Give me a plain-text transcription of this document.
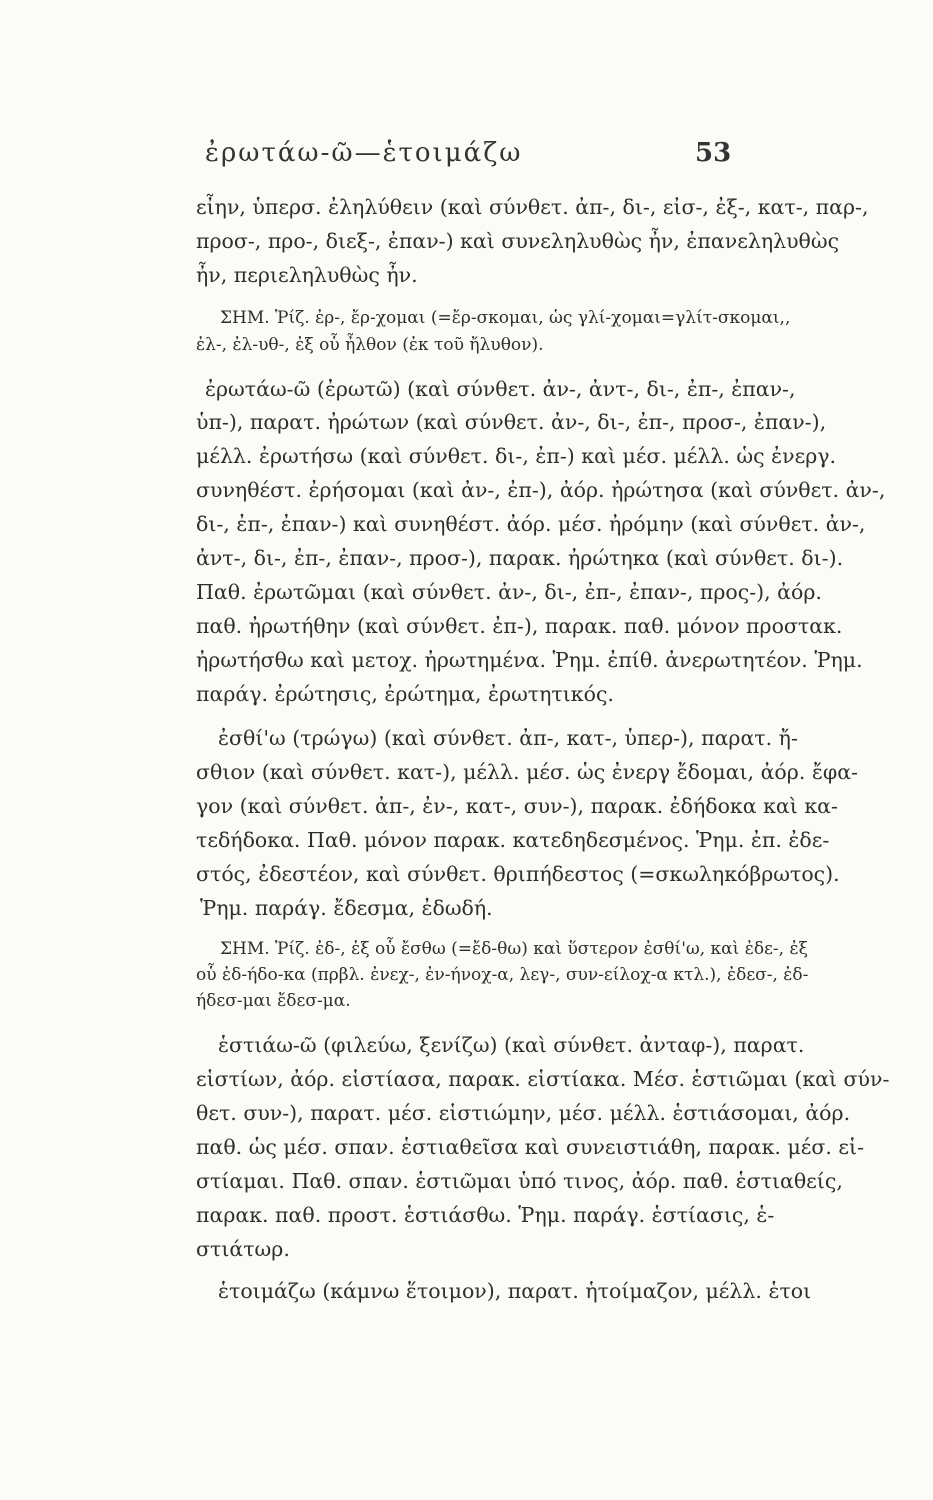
ἐρωτάω-ῶ—ἑτοιμάζω	53
εἶην, ὑπερσ. ἐληλύθειν (καὶ σύνθετ. ἀπ-, δι-, εἰσ-, ἐξ-, κατ-, παρ-,
προσ-, προ-, διεξ-, ἐπαν-) καὶ συνεληλυθὼς ἦν, ἐπανεληλυθὼς
ἦν, περιεληλυθὼς ἦν.
ΣΗΜ. Ῥίζ. ἐρ-, ἔρ-χομαι (=ἔρ-σκομαι, ὡς γλί-χομαι=γλίτ-σκομαι,,
ἐλ-, ἐλ-υθ-, ἐξ οὗ ἦλθον (ἐκ τοῦ ἤλυθον).
ἐρωτάω-ῶ (ἐρωτῶ) (καὶ σύνθετ. ἀν-, ἀντ-, δι-, ἐπ-, ἐπαν-,
ὑπ-), παρατ. ἠρώτων (καὶ σύνθετ. ἀν-, δι-, ἐπ-, προσ-, ἐπαν-),
μέλλ. ἐρωτήσω (καὶ σύνθετ. δι-, ἐπ-) καὶ μέσ. μέλλ. ὡς ἐνεργ.
συνηθέστ. ἐρήσομαι (καὶ ἀν-, ἐπ-), ἀόρ. ἠρώτησα (καὶ σύνθετ. ἀν-,
δι-, ἐπ-, ἐπαν-) καὶ συνηθέστ. ἀόρ. μέσ. ἠρόμην (καὶ σύνθετ. ἀν-,
ἀντ-, δι-, ἐπ-, ἐπαν-, προσ-), παρακ. ἠρώτηκα (καὶ σύνθετ. δι-).
Παθ. ἐρωτῶμαι (καὶ σύνθετ. ἀν-, δι-, ἐπ-, ἐπαν-, προς-), ἀόρ.
παθ. ἠρωτήθην (καὶ σύνθετ. ἐπ-), παρακ. παθ. μόνον προστακ.
ἠρωτήσθω καὶ μετοχ. ἠρωτημένα. Ῥημ. ἐπίθ. ἀνερωτητέον. Ῥημ.
παράγ. ἐρώτησις, ἐρώτημα, ἐρωτητικός.
ἐσθί'ω (τρώγω) (καὶ σύνθετ. ἀπ-, κατ-, ὑπερ-), παρατ. ἤ-
σθιον (καὶ σύνθετ. κατ-), μέλλ. μέσ. ὡς ἐνεργ ἔδομαι, ἀόρ. ἔφα-
γον (καὶ σύνθετ. ἀπ-, ἐν-, κατ-, συν-), παρακ. ἐδήδοκα καὶ κα-
τεδήδοκα. Παθ. μόνον παρακ. κατεδηδεσμένος. Ῥημ. ἐπ. ἐδε-
στός, ἐδεστέον, καὶ σύνθετ. θριπήδεστος (=σκωληκόβρωτος).
Ῥημ. παράγ. ἔδεσμα, ἐδωδή.
ΣΗΜ. Ῥίζ. ἐδ-, ἐξ οὗ ἔσθω (=ἔδ-θω) καὶ ὕστερον ἐσθί'ω, καὶ ἐδε-, ἐξ
οὗ ἐδ-ήδο-κα (πρβλ. ἐνεχ-, ἐν-ήνοχ-α, λεγ-, συν-είλοχ-α κτλ.), ἐδεσ-, ἐδ-
ήδεσ-μαι ἔδεσ-μα.
ἑστιάω-ῶ (φιλεύω, ξενίζω) (καὶ σύνθετ. ἀνταφ-), παρατ.
εἱστίων, ἀόρ. εἱστίασα, παρακ. εἱστίακα. Μέσ. ἑστιῶμαι (καὶ σύν-
θετ. συν-), παρατ. μέσ. εἱστιώμην, μέσ. μέλλ. ἑστιάσομαι, ἀόρ.
παθ. ὡς μέσ. σπαν. ἑστιαθεῖσα καὶ συνειστιάθη, παρακ. μέσ. εἱ-
στίαμαι. Παθ. σπαν. ἑστιῶμαι ὑπό τινος, ἀόρ. παθ. ἑστιαθείς,
παρακ. παθ. προστ. ἑστιάσθω. Ῥημ. παράγ. ἑστίασις, ἑ-
στιάτωρ.
ἑτοιμάζω (κάμνω ἕτοιμον), παρατ. ἡτοίμαζον, μέλλ. ἑτοι
